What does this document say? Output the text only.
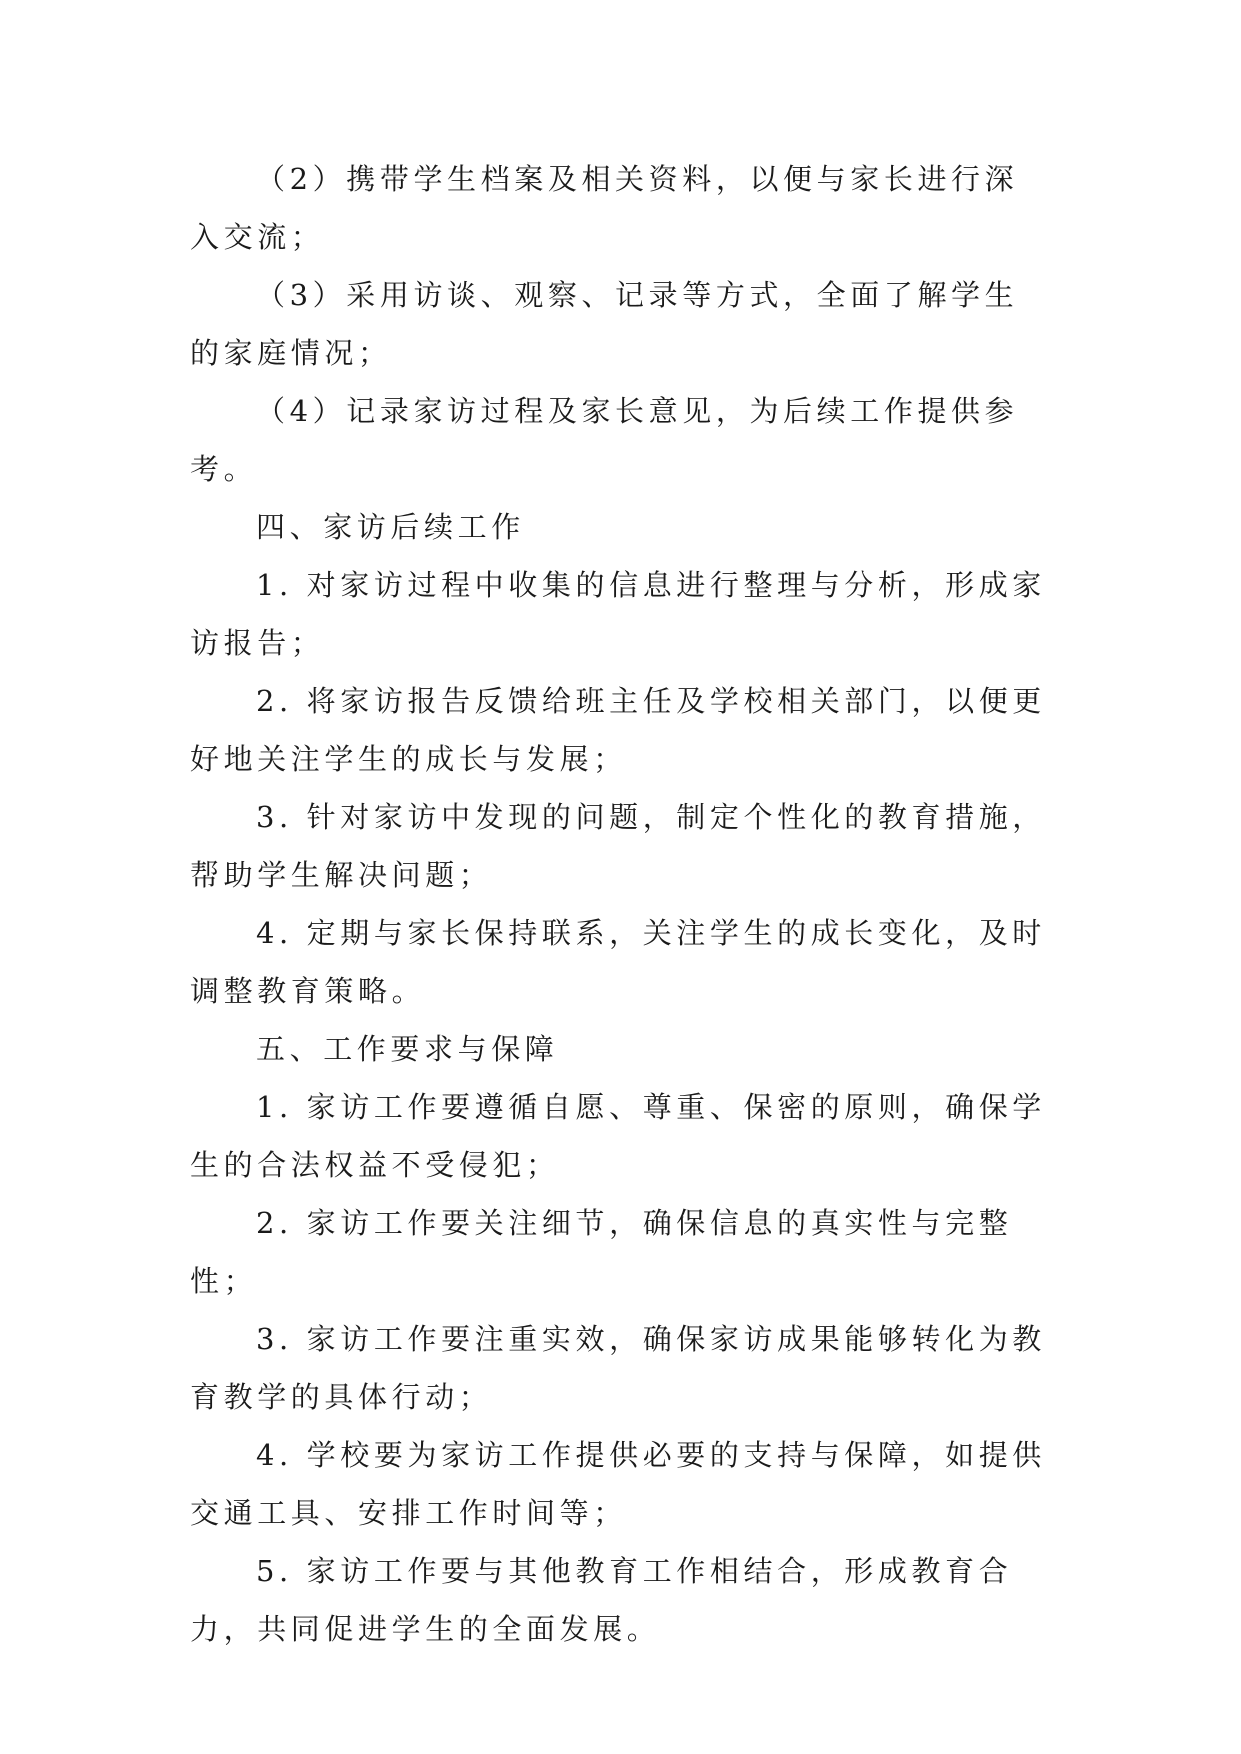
（2）携带学生档案及相关资料，以便与家长进行深入交流；

（3）采用访谈、观察、记录等方式，全面了解学生的家庭情况；

（4）记录家访过程及家长意见，为后续工作提供参考。

四、家访后续工作

1. 对家访过程中收集的信息进行整理与分析，形成家访报告；

2. 将家访报告反馈给班主任及学校相关部门，以便更好地关注学生的成长与发展；

3. 针对家访中发现的问题，制定个性化的教育措施，帮助学生解决问题；

4. 定期与家长保持联系，关注学生的成长变化，及时调整教育策略。

五、工作要求与保障

1. 家访工作要遵循自愿、尊重、保密的原则，确保学生的合法权益不受侵犯；

2. 家访工作要关注细节，确保信息的真实性与完整性；

3. 家访工作要注重实效，确保家访成果能够转化为教育教学的具体行动；

4. 学校要为家访工作提供必要的支持与保障，如提供交通工具、安排工作时间等；

5. 家访工作要与其他教育工作相结合，形成教育合力，共同促进学生的全面发展。
